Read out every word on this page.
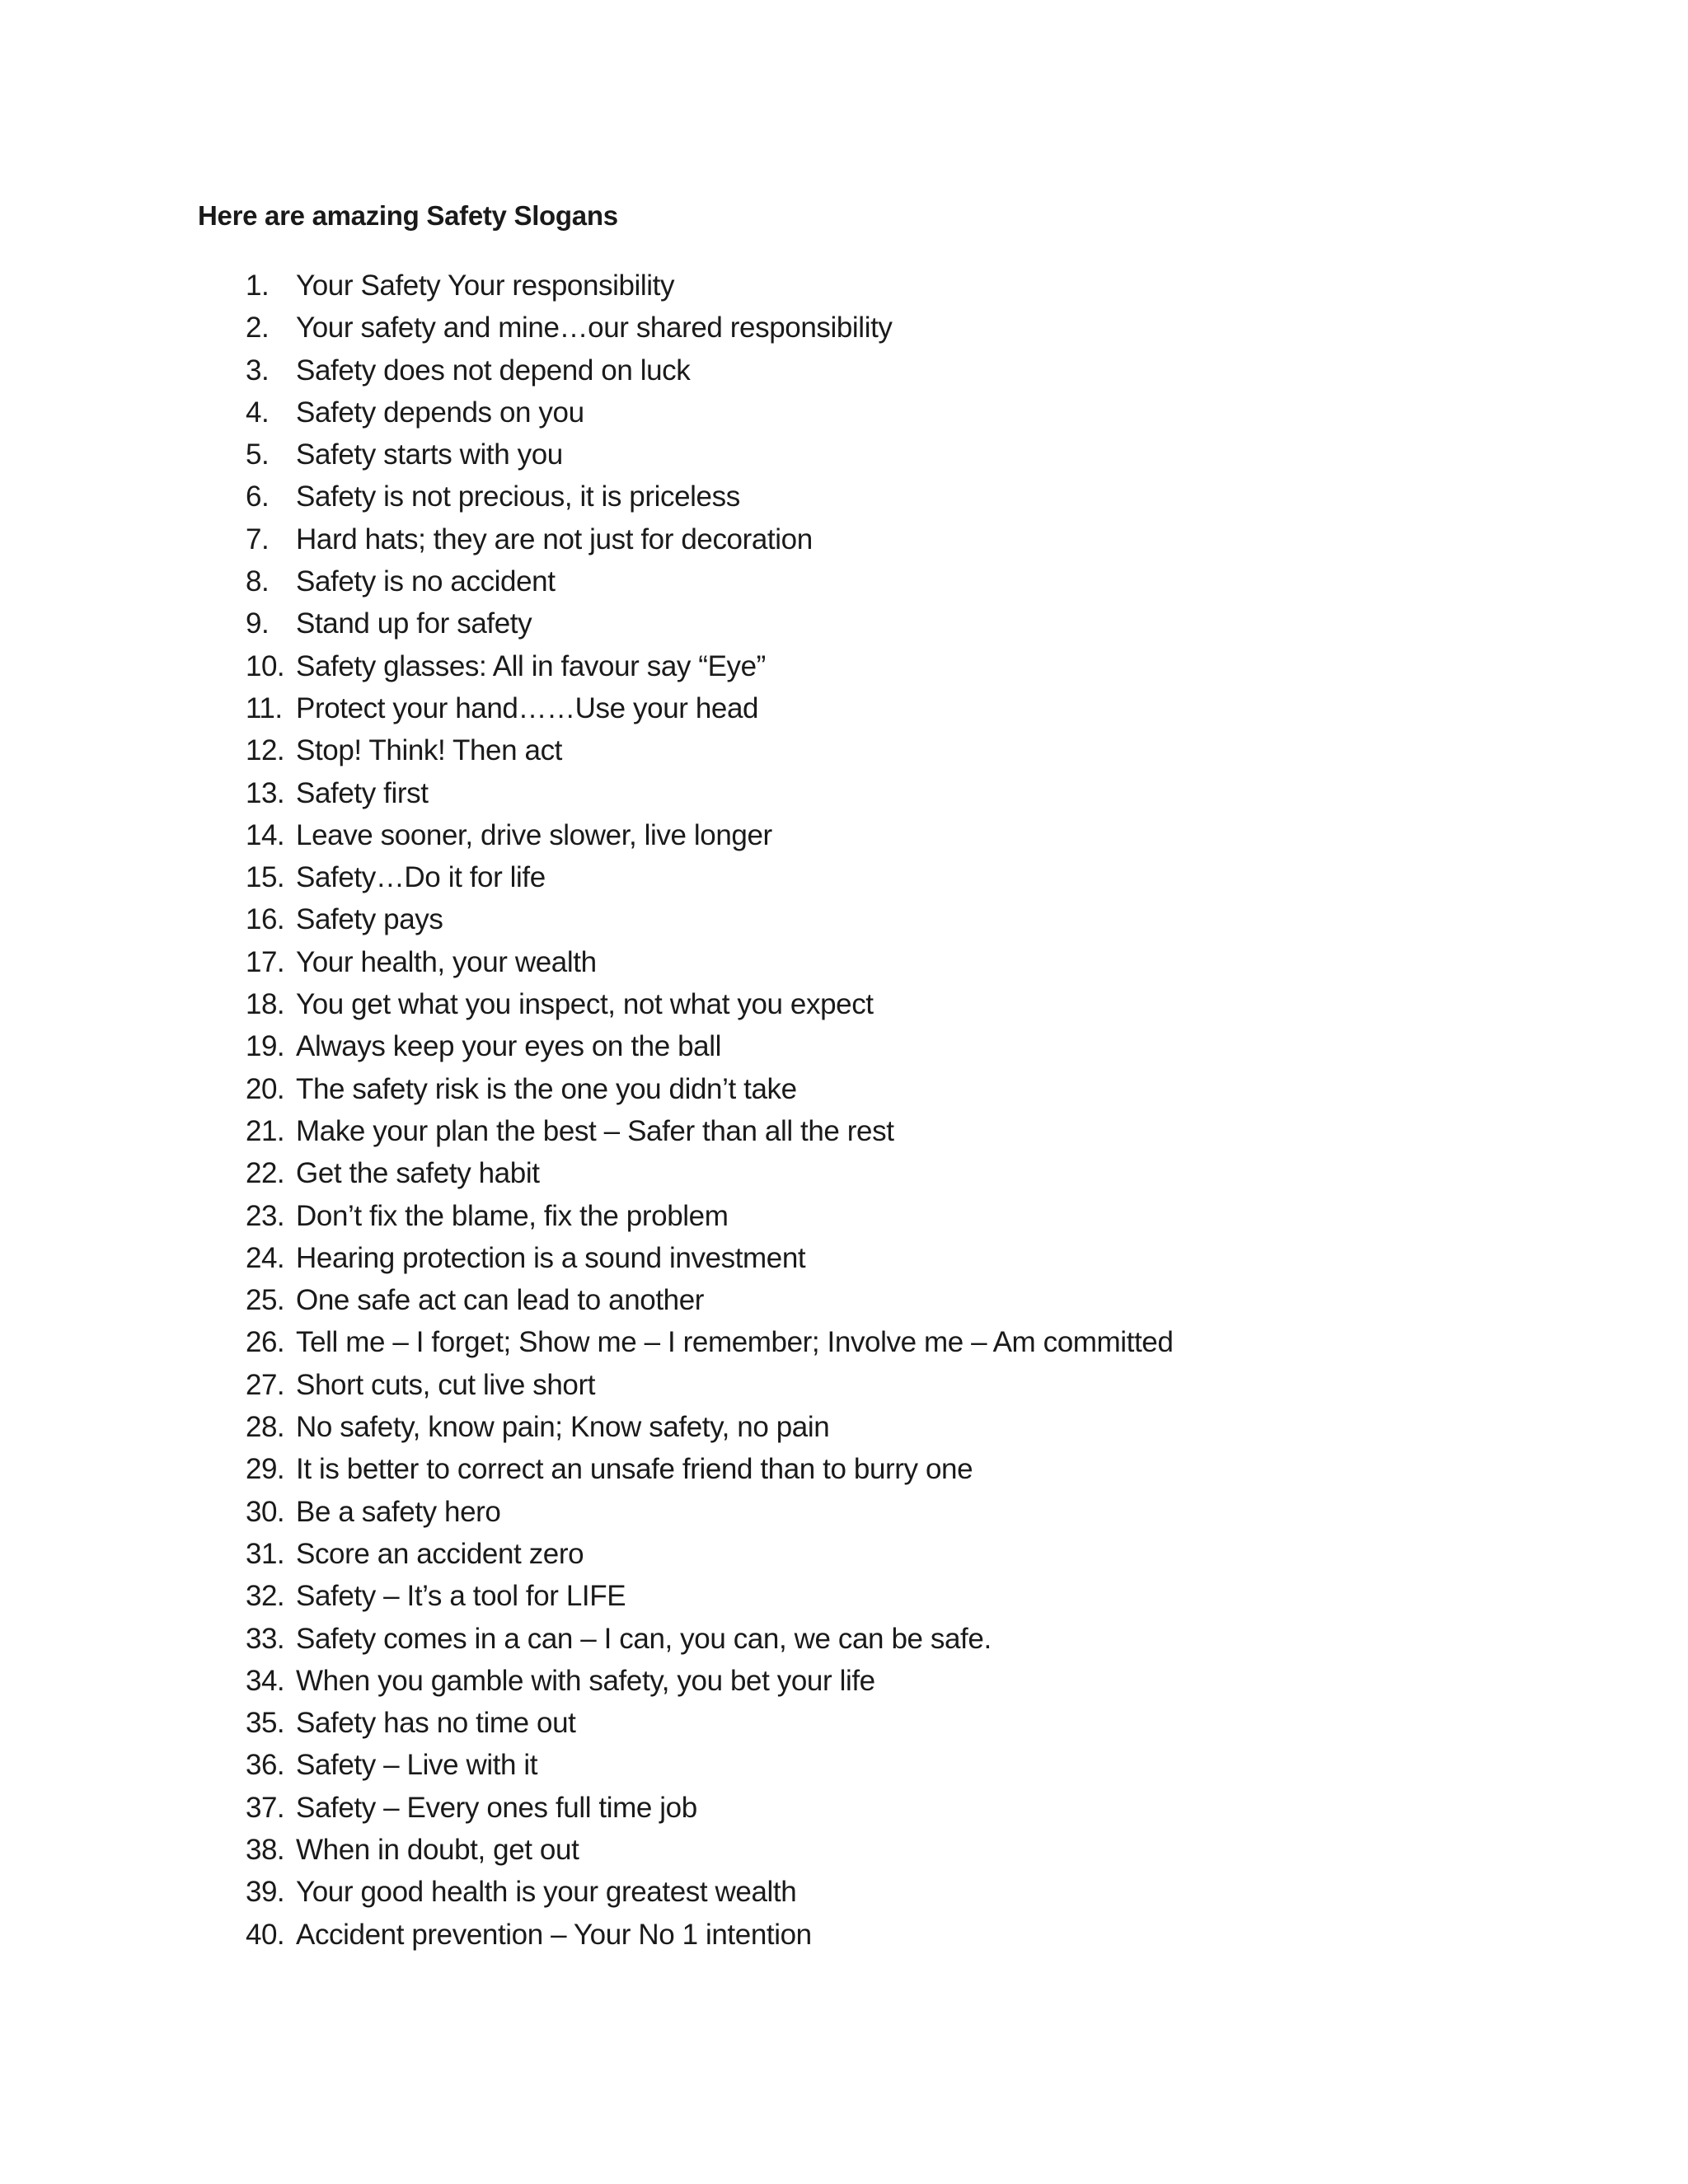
Here are amazing Safety Slogans
1. Your Safety Your responsibility
2. Your safety and mine…our shared responsibility
3. Safety does not depend on luck
4. Safety depends on you
5. Safety starts with you
6. Safety is not precious, it is priceless
7. Hard hats; they are not just for decoration
8. Safety is no accident
9. Stand up for safety
10. Safety glasses: All in favour say “Eye”
11. Protect your hand……Use your head
12. Stop! Think! Then act
13. Safety first
14. Leave sooner, drive slower, live longer
15. Safety…Do it for life
16. Safety pays
17. Your health, your wealth
18. You get what you inspect, not what you expect
19. Always keep your eyes on the ball
20. The safety risk is the one you didn’t take
21. Make your plan the best – Safer than all the rest
22. Get the safety habit
23. Don’t fix the blame, fix the problem
24. Hearing protection is a sound investment
25. One safe act can lead to another
26. Tell me – I forget; Show me – I remember; Involve me – Am committed
27. Short cuts, cut live short
28. No safety, know pain; Know safety, no pain
29. It is better to correct an unsafe friend than to burry one
30. Be a safety hero
31. Score an accident zero
32. Safety – It’s a tool for LIFE
33. Safety comes in a can – I can, you can, we can be safe.
34. When you gamble with safety, you bet your life
35. Safety has no time out
36. Safety – Live with it
37. Safety – Every ones full time job
38. When in doubt, get out
39. Your good health is your greatest wealth
40. Accident prevention – Your No 1 intention
